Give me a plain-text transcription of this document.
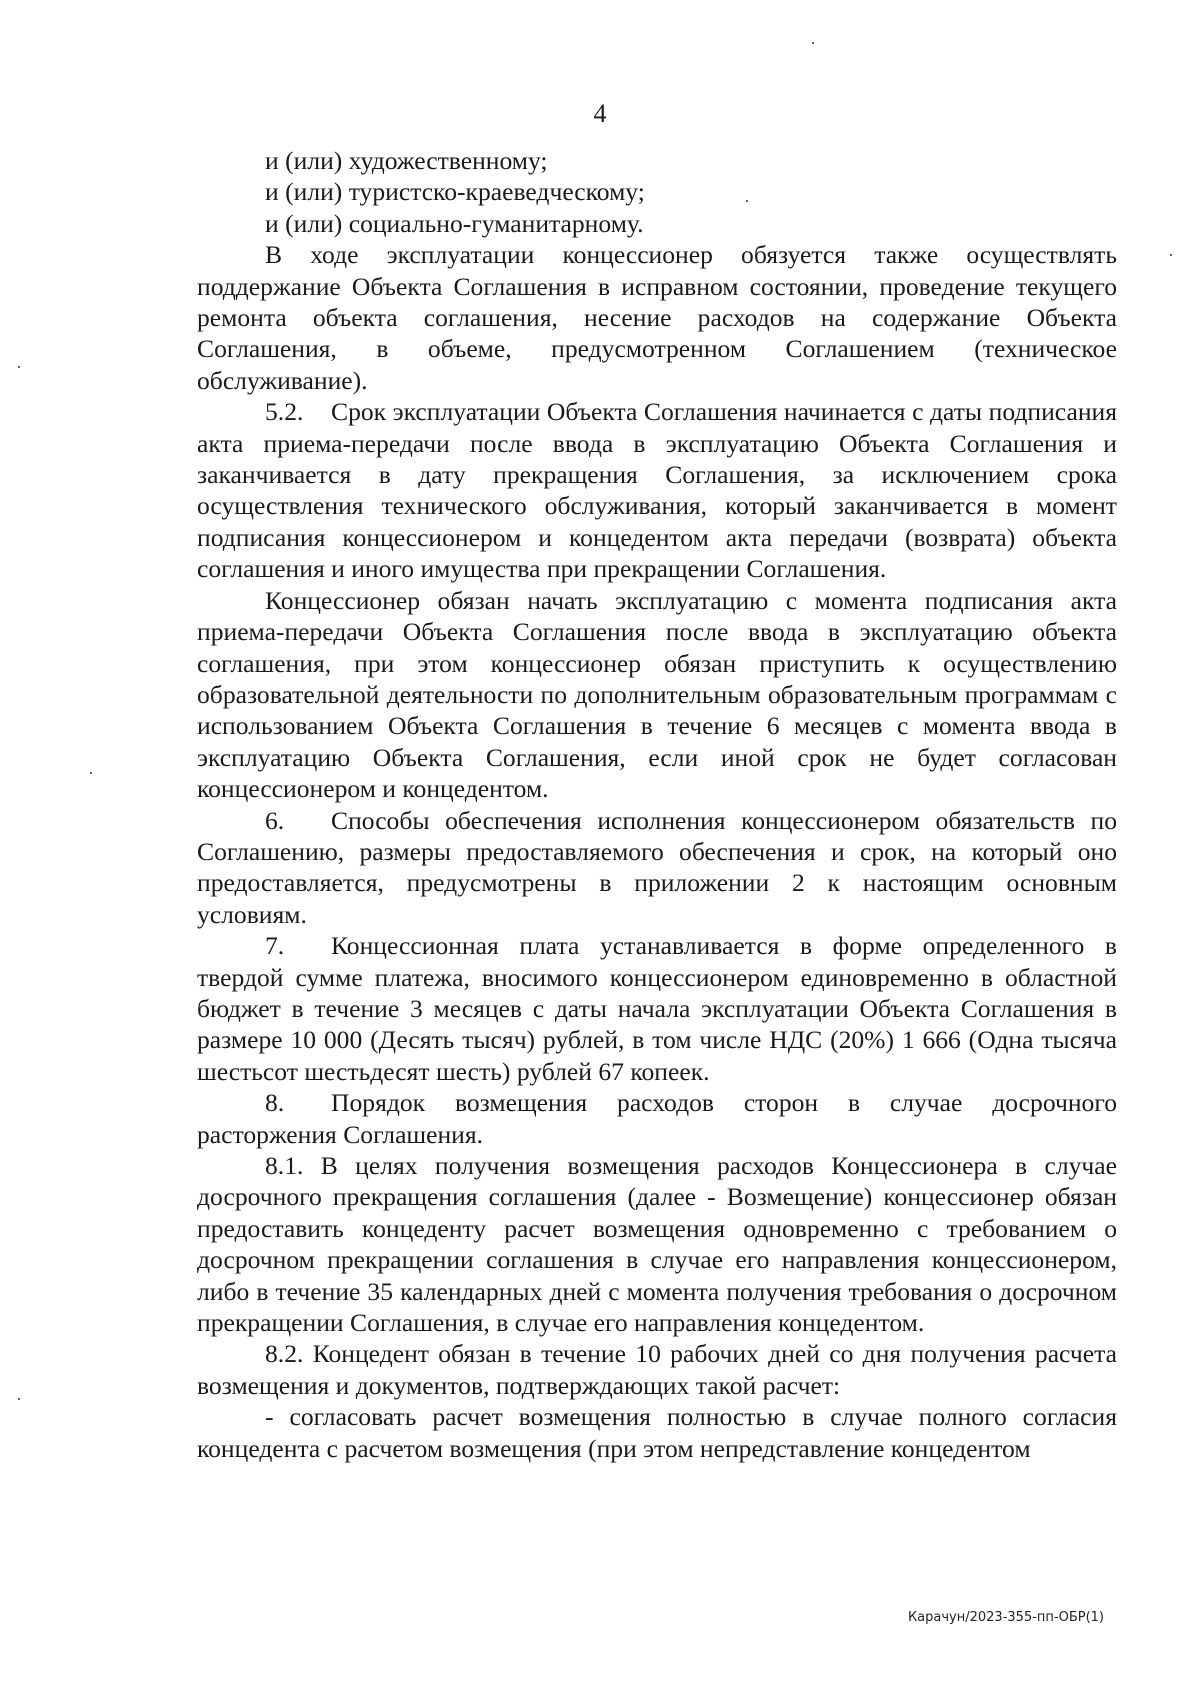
4

и (или) художественному;

и (или) туристско-краеведческому;

и (или) социально-гуманитарному.

В ходе эксплуатации концессионер обязуется также осуществлять поддержание Объекта Соглашения в исправном состоянии, проведение текущего ремонта объекта соглашения, несение расходов на содержание Объекта Соглашения, в объеме, предусмотренном Соглашением (техническое обслуживание).

5.2. Срок эксплуатации Объекта Соглашения начинается с даты подписания акта приема-передачи после ввода в эксплуатацию Объекта Соглашения и заканчивается в дату прекращения Соглашения, за исключением срока осуществления технического обслуживания, который заканчивается в момент подписания концессионером и концедентом акта передачи (возврата) объекта соглашения и иного имущества при прекращении Соглашения.

Концессионер обязан начать эксплуатацию с момента подписания акта приема-передачи Объекта Соглашения после ввода в эксплуатацию объекта соглашения, при этом концессионер обязан приступить к осуществлению образовательной деятельности по дополнительным образовательным программам с использованием Объекта Соглашения в течение 6 месяцев с момента ввода в эксплуатацию Объекта Соглашения, если иной срок не будет согласован концессионером и концедентом.

6. Способы обеспечения исполнения концессионером обязательств по Соглашению, размеры предоставляемого обеспечения и срок, на который оно предоставляется, предусмотрены в приложении 2 к настоящим основным условиям.

7. Концессионная плата устанавливается в форме определенного в твердой сумме платежа, вносимого концессионером единовременно в областной бюджет в течение 3 месяцев с даты начала эксплуатации Объекта Соглашения в размере 10 000 (Десять тысяч) рублей, в том числе НДС (20%) 1 666 (Одна тысяча шестьсот шестьдесят шесть) рублей 67 копеек.

8. Порядок возмещения расходов сторон в случае досрочного расторжения Соглашения.

8.1. В целях получения возмещения расходов Концессионера в случае досрочного прекращения соглашения (далее - Возмещение) концессионер обязан предоставить концеденту расчет возмещения одновременно с требованием о досрочном прекращении соглашения в случае его направления концессионером, либо в течение 35 календарных дней с момента получения требования о досрочном прекращении Соглашения, в случае его направления концедентом.

8.2. Концедент обязан в течение 10 рабочих дней со дня получения расчета возмещения и документов, подтверждающих такой расчет:

- согласовать расчет возмещения полностью в случае полного согласия концедента с расчетом возмещения (при этом непредставление концедентом

Карачун/2023-355-пп-ОБР(1)
